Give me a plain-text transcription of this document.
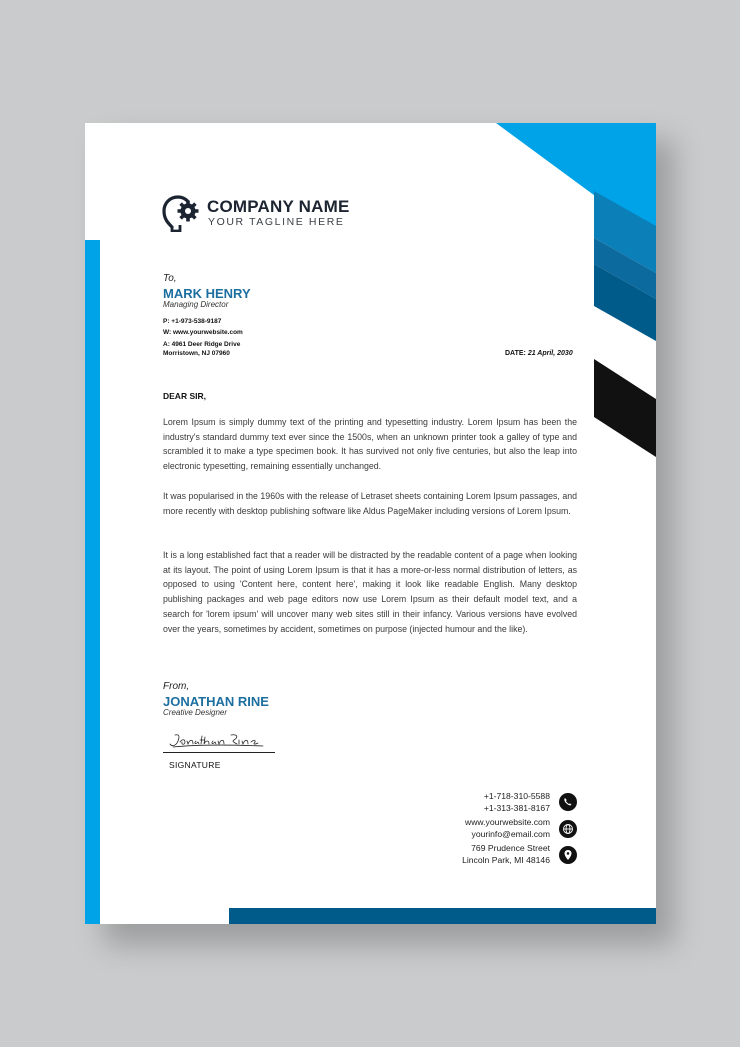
COMPANY NAME
YOUR TAGLINE HERE
To,
MARK HENRY
Managing Director
P: +1-973-538-9187
W: www.yourwebsite.com
A: 4961 Deer Ridge Drive
Morristown, NJ 07960	DATE: 21 April, 2030
DEAR SIR,

Lorem Ipsum is simply dummy text of the printing and typesetting industry. Lorem Ipsum has been the industry's standard dummy text ever since the 1500s, when an unknown printer took a galley of type and scrambled it to make a type specimen book. It has survived not only five centuries, but also the leap into electronic typesetting, remaining essentially unchanged.

It was popularised in the 1960s with the release of Letraset sheets containing Lorem Ipsum passages, and more recently with desktop publishing software like Aldus PageMaker including versions of Lorem Ipsum.

It is a long established fact that a reader will be distracted by the readable content of a page when looking at its layout. The point of using Lorem Ipsum is that it has a more-or-less normal distribution of letters, as opposed to using 'Content here, content here', making it look like readable English. Many desktop publishing packages and web page editors now use Lorem Ipsum as their default model text, and a search for 'lorem ipsum' will uncover many web sites still in their infancy. Various versions have evolved over the years, sometimes by accident, sometimes on purpose (injected humour and the like).

From,
JONATHAN RINE
Creative Designer
SIGNATURE
+1-718-310-5588
+1-313-381-8167
www.yourwebsite.com
yourinfo@email.com
769 Prudence Street
Lincoln Park, MI 48146
